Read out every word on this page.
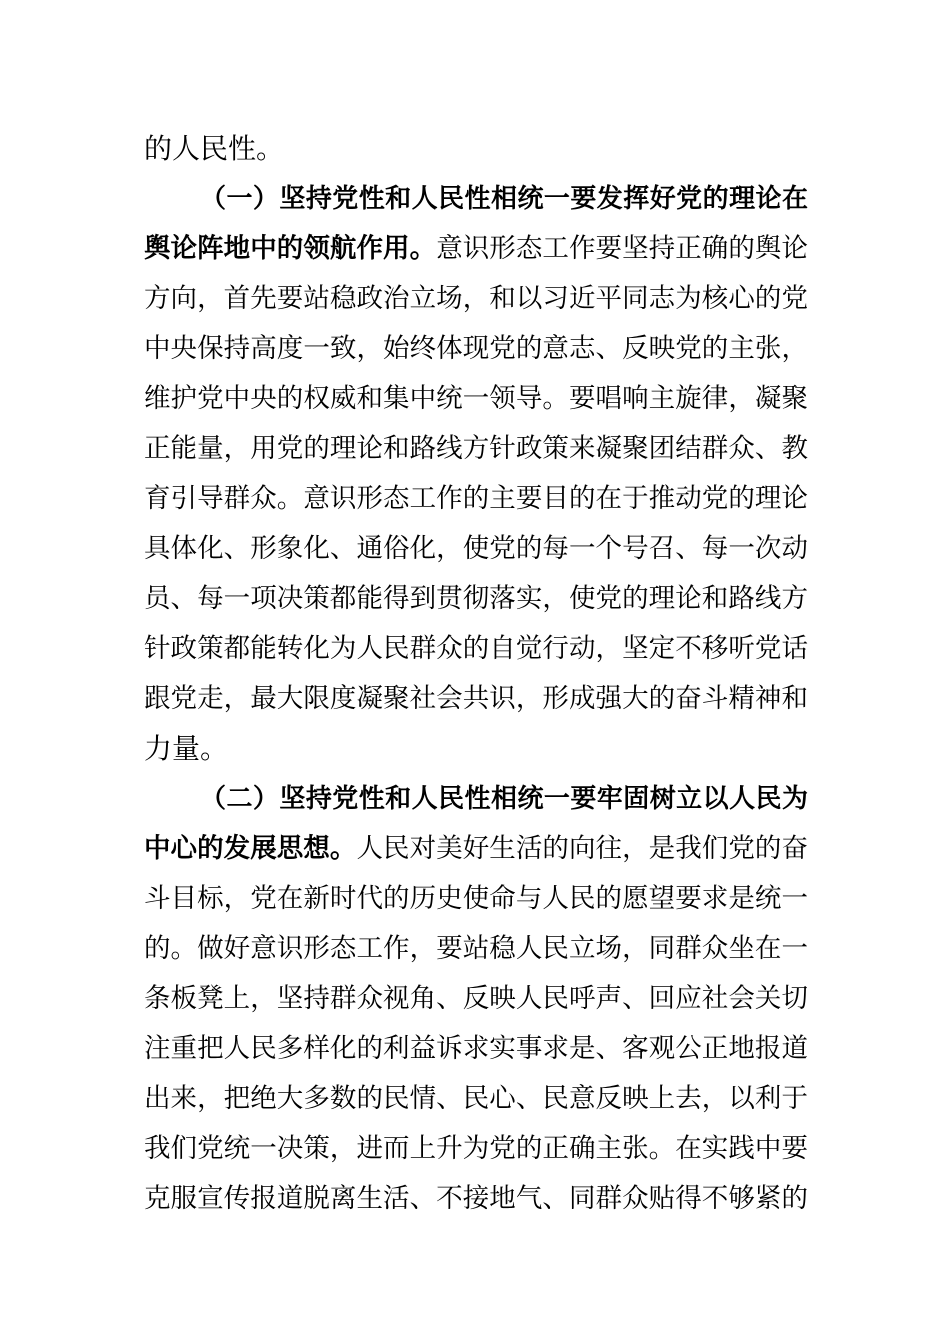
的人民性。
（一）坚持党性和人民性相统一要发挥好党的理论在
舆论阵地中的领航作用。意识形态工作要坚持正确的舆论
方向，首先要站稳政治立场，和以习近平同志为核心的党
中央保持高度一致，始终体现党的意志、反映党的主张，
维护党中央的权威和集中统一领导。要唱响主旋律，凝聚
正能量，用党的理论和路线方针政策来凝聚团结群众、教
育引导群众。意识形态工作的主要目的在于推动党的理论
具体化、形象化、通俗化，使党的每一个号召、每一次动
员、每一项决策都能得到贯彻落实，使党的理论和路线方
针政策都能转化为人民群众的自觉行动，坚定不移听党话
跟党走，最大限度凝聚社会共识，形成强大的奋斗精神和
力量。
（二）坚持党性和人民性相统一要牢固树立以人民为
中心的发展思想。人民对美好生活的向往，是我们党的奋
斗目标，党在新时代的历史使命与人民的愿望要求是统一
的。做好意识形态工作，要站稳人民立场，同群众坐在一
条板凳上，坚持群众视角、反映人民呼声、回应社会关切
注重把人民多样化的利益诉求实事求是、客观公正地报道
出来，把绝大多数的民情、民心、民意反映上去，以利于
我们党统一决策，进而上升为党的正确主张。在实践中要
克服宣传报道脱离生活、不接地气、同群众贴得不够紧的
